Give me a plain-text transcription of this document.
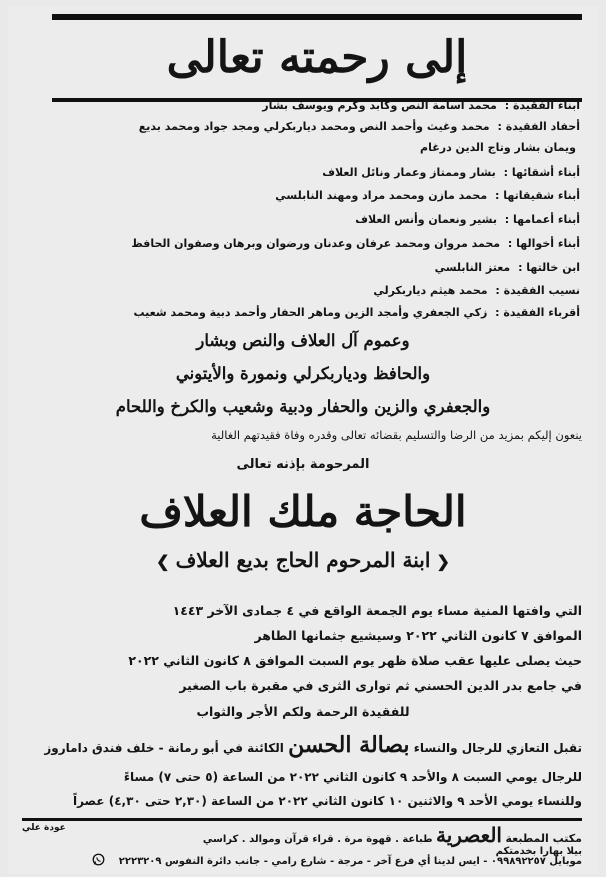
إلى رحمته تعالى
أبناء الفقيدة : محمد أسامة النص وكابد وكرم ويوسف بشار
أحفاد الفقيدة : محمد وغيث وأحمد النص ومحمد دياربكرلي ومجد جواد ومحمد بديع
ويمان بشار وتاج الدين درغام
أبناء أشقائها : بشار وممتاز وعمار ونائل العلاف
أبناء شقيقاتها : محمد مازن ومحمد مراد ومهند النابلسي
أبناء أعمامها : بشير ونعمان وأنس العلاف
أبناء أخوالها : محمد مروان ومحمد عرفان وعدنان ورضوان وبرهان وصفوان الحافظ
ابن خالتها : معتز النابلسي
نسيب الفقيدة : محمد هيثم دياربكرلي
أقرباء الفقيدة : زكي الجعفري وأمجد الزين وماهر الحفار وأحمد دبية ومحمد شعيب
وعموم آل العلاف والنص وبشار
والحافظ ودياربكرلي ونمورة والأيتوني
والجعفري والزين والحفار ودبية وشعيب والكرخ واللحام
ينعون إليكم بمزيد من الرضا والتسليم بقضائه تعالى وقدره وفاة فقيدتهم الغالية
المرحومة بإذنه تعالى
الحاجة ملك العلاف
❮ابنة المرحوم الحاج بديع العلاف❯
التي وافتها المنية مساء يوم الجمعة الواقع في ٤ جمادى الآخر ١٤٤٣
الموافق ٧ كانون الثاني ٢٠٢٢ وسيشيع جثمانها الطاهر
حيث يصلى عليها عقب صلاة ظهر يوم السبت الموافق ٨ كانون الثاني ٢٠٢٢
في جامع بدر الدين الحسني ثم توارى الثرى في مقبرة باب الصغير
للفقيدة الرحمة ولكم الأجر والثواب
تقبل التعازي للرجال والنساء بصالة الحسن الكائنة في أبو رمانة - خلف فندق داماروز
للرجال يومي السبت ٨ والأحد ٩ كانون الثاني ٢٠٢٢ من الساعة (٥ حتى ٧) مساءً
وللنساء يومي الأحد ٩ والاثنين ١٠ كانون الثاني ٢٠٢٢ من الساعة (٢,٣٠ حتى ٤,٣٠) عصراً
مكتب المطبعة العصرية طباعة . قهوة مرة . قراء قرآن وموالد . كراسي
بيلا بهارا بخدمتكم
موبايل ٠٩٩٨٩٢٢٥٧ - ايس لدينا أي فرع آخر - مرجة - شارع رامي - جانب دائرة النفوس ٢٢٢٣٢٠٩
عودة علي
